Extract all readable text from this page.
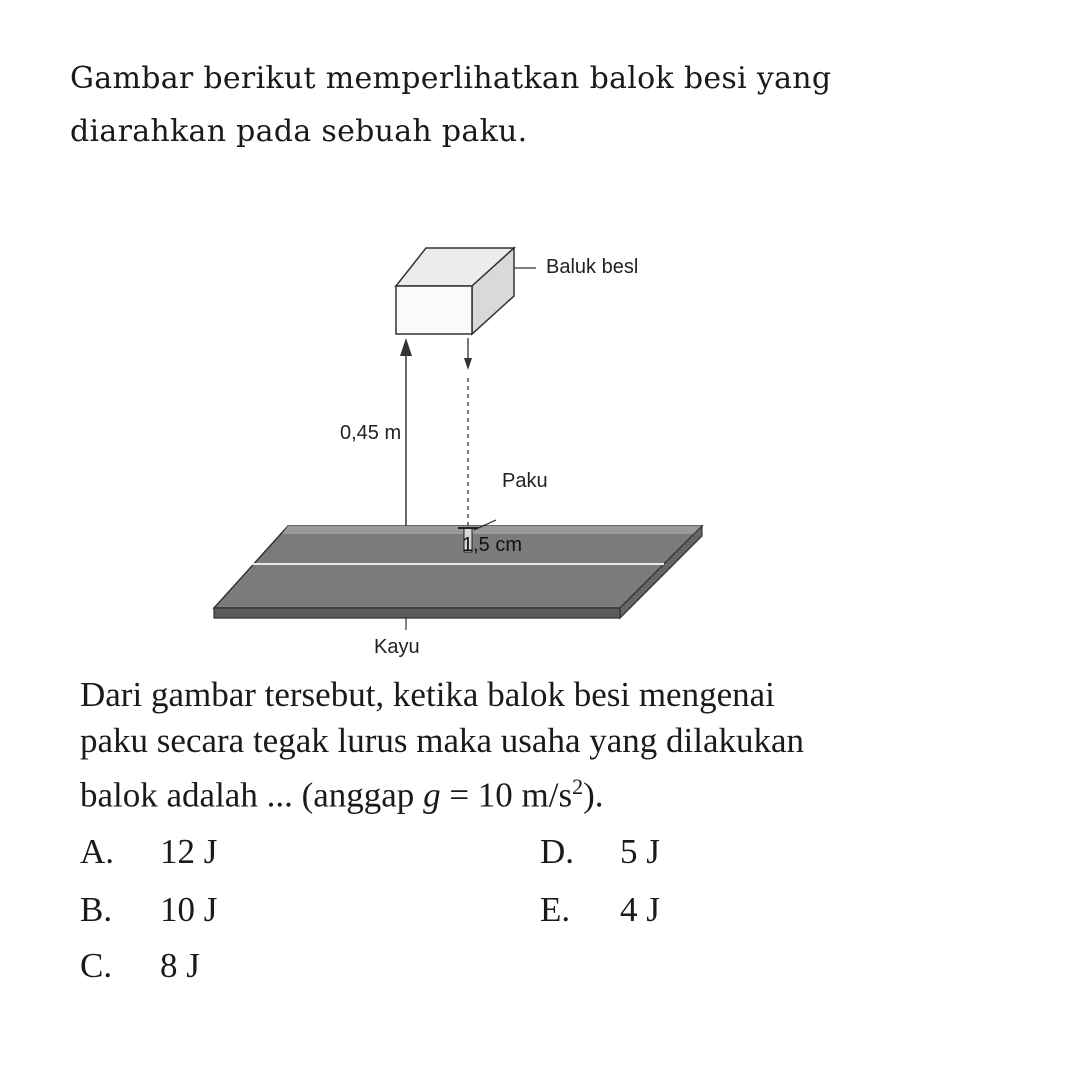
Gambar berikut memperlihatkan balok besi yang
diarahkan pada sebuah paku.
Baluk besl
0,45 m
Paku
1,5 cm
Kayu
Dari gambar tersebut, ketika balok besi mengenai
paku secara tegak lurus maka usaha yang dilakukan
balok adalah ... (anggap g = 10 $m/s^2$).
A. 12 J
B. 10 J
C. 8 J
D. 5 J
E. 4 J
